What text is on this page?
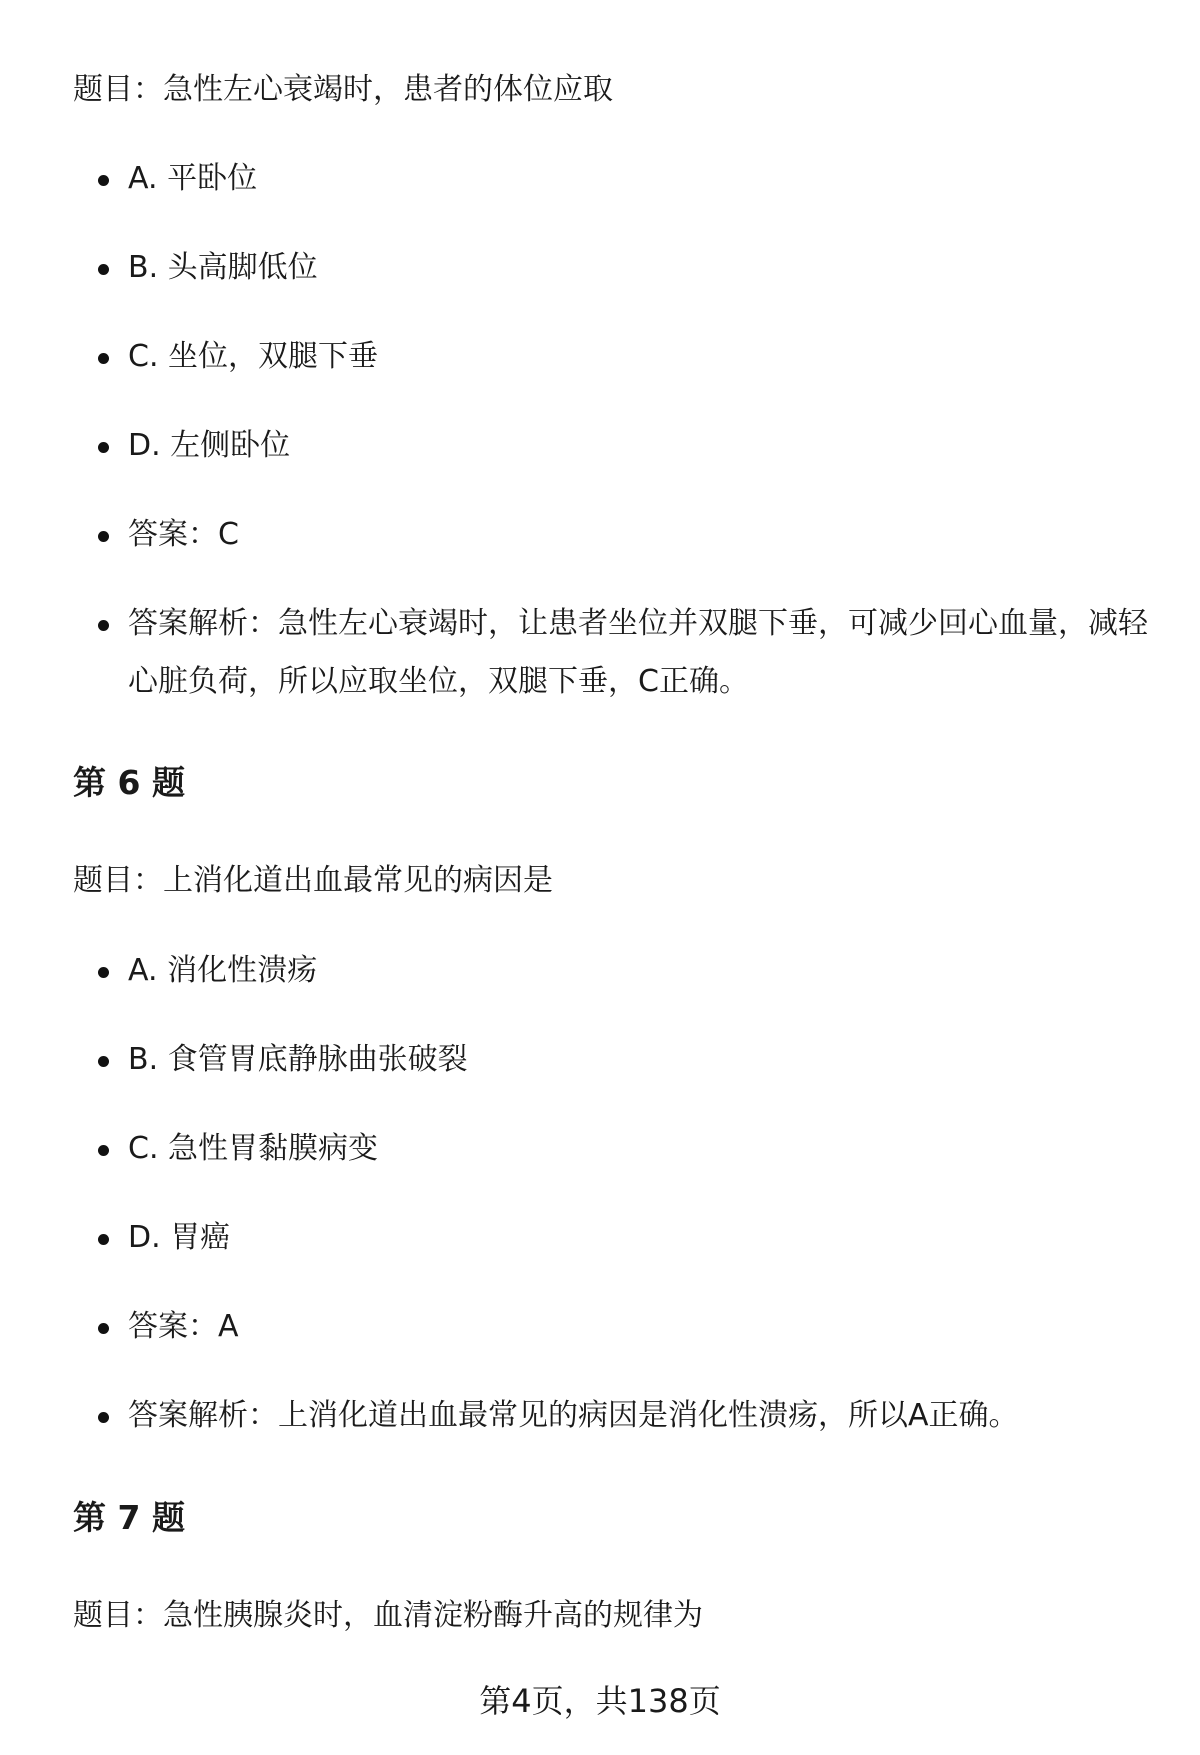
题目：急性左心衰竭时，患者的体位应取
A. 平卧位
B. 头高脚低位
C. 坐位，双腿下垂
D. 左侧卧位
答案：C
答案解析：急性左心衰竭时，让患者坐位并双腿下垂，可减少回心血量，减轻心脏负荷，所以应取坐位，双腿下垂，C正确。
第 6 题
题目：上消化道出血最常见的病因是
A. 消化性溃疡
B. 食管胃底静脉曲张破裂
C. 急性胃黏膜病变
D. 胃癌
答案：A
答案解析：上消化道出血最常见的病因是消化性溃疡，所以A正确。
第 7 题
题目：急性胰腺炎时，血清淀粉酶升高的规律为
第4页，共138页
